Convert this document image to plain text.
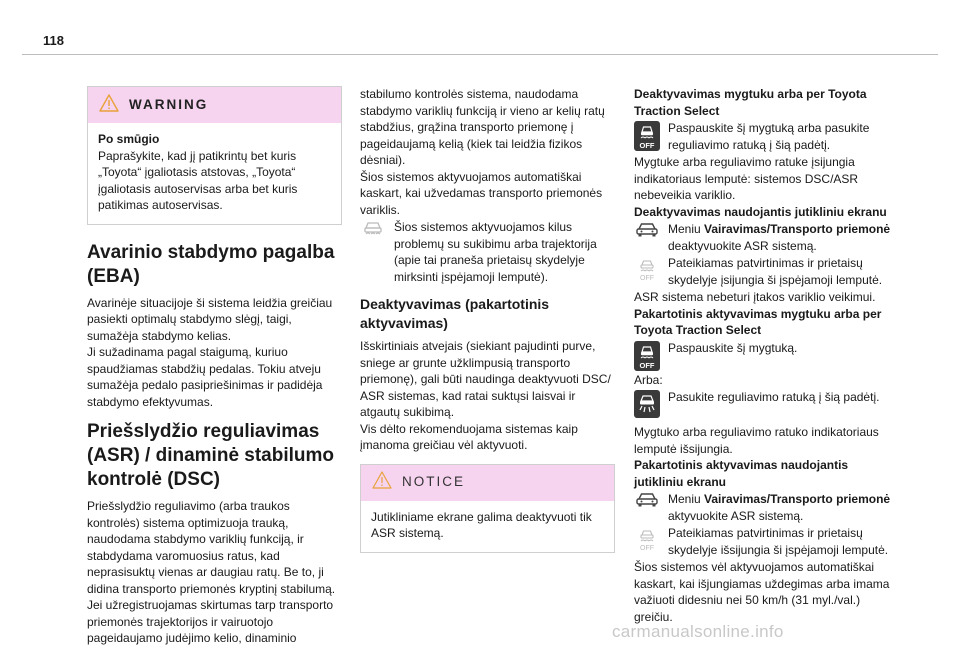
118
WARNING

Po smūgio

Paprašykite, kad jį patikrintų bet kuris „Toyota“ įgaliotasis atstovas, „Toyota“ įgaliotasis autoservisas arba bet kuris patikimas autoservisas.

Avarinio stabdymo pagalba (EBA)

Avarinėje situacijoje ši sistema leidžia greičiau pasiekti optimalų stabdymo slėgį, taigi, sumažėja stabdymo kelias.

Ji sužadinama pagal staigumą, kuriuo spaudžiamas stabdžių pedalas. Tokiu atveju sumažėja pedalo pasipriešinimas ir padidėja stabdymo efektyvumas.

Priešslydžio reguliavimas (ASR) / dinaminė stabilumo kontrolė (DSC)

Priešslydžio reguliavimo (arba traukos kontrolės) sistema optimizuoja trauką, naudodama stabdymo variklių funkciją, ir stabdydama varomuosius ratus, kad neprasisuktų vienas ar daugiau ratų. Be to, ji didina transporto priemonės kryptinį stabilumą.

Jei užregistruojamas skirtumas tarp transporto priemonės trajektorijos ir vairuotojo pageidaujamo judėjimo kelio, dinaminio

stabilumo kontrolės sistema, naudodama stabdymo variklių funkciją ir vieno ar kelių ratų stabdžius, grąžina transporto priemonę į pageidaujamą kelią (kiek tai leidžia fizikos dėsniai).

Šios sistemos aktyvuojamos automatiškai kaskart, kai užvedamas transporto priemonės variklis.

Šios sistemos aktyvuojamos kilus problemų su sukibimu arba trajektorija (apie tai praneša prietaisų skydelyje mirksinti įspėjamoji lemputė).
Deaktyvavimas (pakartotinis aktyvavimas)

Išskirtiniais atvejais (siekiant pajudinti purve, sniege ar grunte užklimpusią transporto priemonę), gali būti naudinga deaktyvuoti DSC/ ASR sistemas, kad ratai suktųsi laisvai ir atgautų sukibimą.

Vis dėlto rekomenduojama sistemas kaip įmanoma greičiau vėl aktyvuoti.

NOTICE

Jutikliniame ekrane galima deaktyvuoti tik ASR sistemą.

Deaktyvavimas mygtuku arba per Toyota Traction Select

OFF
Paspauskite šį mygtuką arba pasukite reguliavimo ratuką į šią padėtį.

Mygtuke arba reguliavimo ratuke įsijungia indikatoriaus lemputė: sistemos DSC/ASR nebeveikia variklio.

Deaktyvavimas naudojantis jutikliniu ekranu

Meniu Vairavimas/Transporto priemonė deaktyvuokite ASR sistemą.
OFF
Pateikiamas patvirtinimas ir prietaisų skydelyje įsijungia ši įspėjamoji lemputė.

ASR sistema nebeturi įtakos variklio veikimui.

Pakartotinis aktyvavimas mygtuku arba per Toyota Traction Select

OFF
Paspauskite šį mygtuką.

Arba:

Pasukite reguliavimo ratuką į šią padėtį.

Mygtuko arba reguliavimo ratuko indikatoriaus lemputė išsijungia.

Pakartotinis aktyvavimas naudojantis jutikliniu ekranu

Meniu Vairavimas/Transporto priemonė aktyvuokite ASR sistemą.
OFF
Pateikiamas patvirtinimas ir prietaisų skydelyje išsijungia ši įspėjamoji lemputė.

Šios sistemos vėl aktyvuojamos automatiškai kaskart, kai išjungiamas uždegimas arba imama važiuoti didesniu nei 50 km/h (31 myl./val.) greičiu.

carmanualsonline.info
